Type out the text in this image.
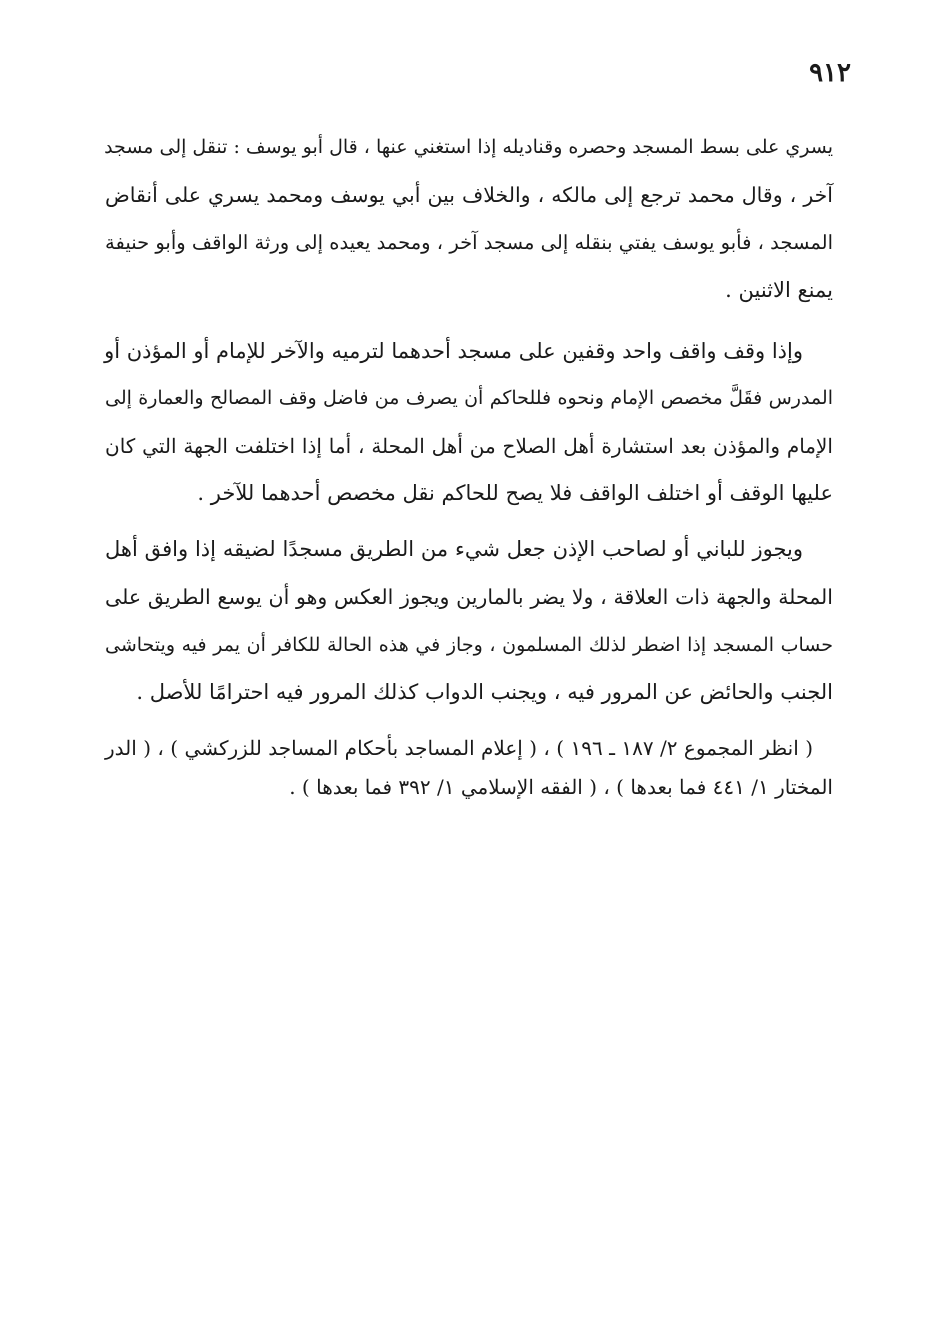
٩١٢
يسري على بسط المسجد وحصره وقناديله إذا استغني عنها ، قال أبو يوسف : تنقل إلى مسجد
آخر ، وقال محمد ترجع إلى مالكه ، والخلاف بين أبي يوسف ومحمد يسري على أنقاض
المسجد ، فأبو يوسف يفتي بنقله إلى مسجد آخر ، ومحمد يعيده إلى ورثة الواقف وأبو حنيفة
يمنع الاثنين .
وإذا وقف واقف واحد وقفين على مسجد أحدهما لترميه والآخر للإمام أو المؤذن أو
المدرس فقَلَّ مخصص الإمام ونحوه فللحاكم أن يصرف من فاضل وقف المصالح والعمارة إلى
الإمام والمؤذن بعد استشارة أهل الصلاح من أهل المحلة ، أما إذا اختلفت الجهة التي كان
عليها الوقف أو اختلف الواقف فلا يصح للحاكم نقل مخصص أحدهما للآخر .
ويجوز للباني أو لصاحب الإذن جعل شيء من الطريق مسجدًا لضيقه إذا وافق أهل
المحلة والجهة ذات العلاقة ، ولا يضر بالمارين ويجوز العكس وهو أن يوسع الطريق على
حساب المسجد إذا اضطر لذلك المسلمون ، وجاز في هذه الحالة للكافر أن يمر فيه ويتحاشى
الجنب والحائض عن المرور فيه ، ويجنب الدواب كذلك المرور فيه احترامًا للأصل .
( انظر المجموع ٢/ ١٨٧ ـ ١٩٦ ) ، ( إعلام المساجد بأحكام المساجد للزركشي ) ، ( الدر
المختار ١/ ٤٤١ فما بعدها ) ، ( الفقه الإسلامي ١/ ٣٩٢ فما بعدها ) .
